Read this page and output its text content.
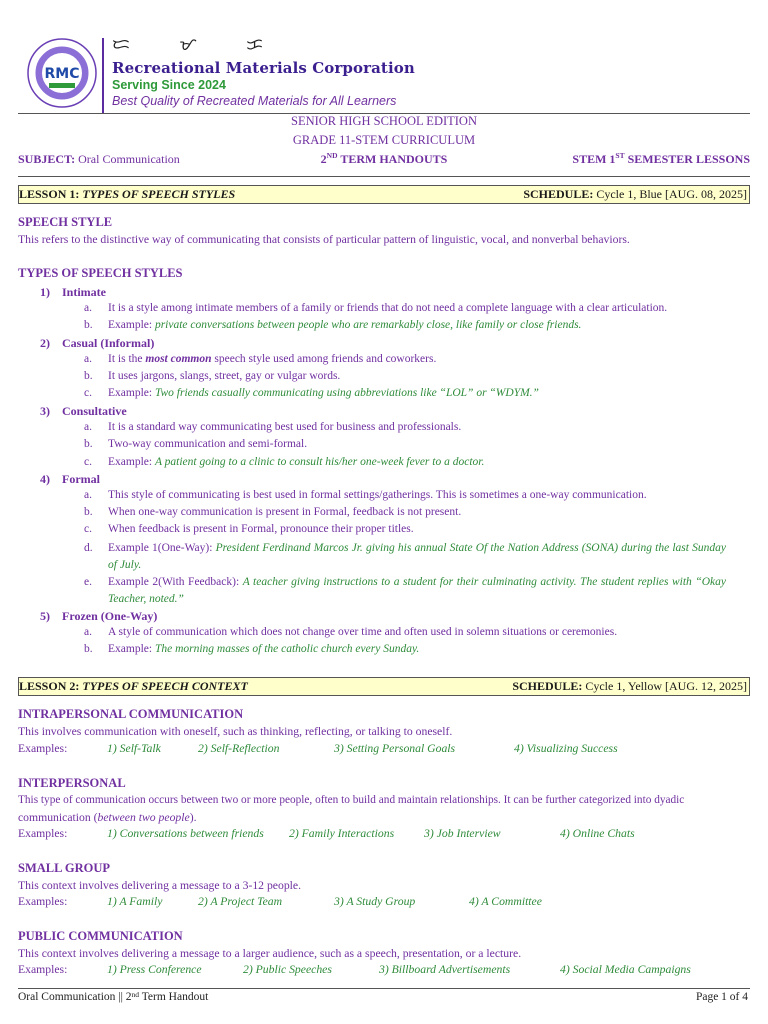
RMC
ᜇ ᜋ ᜃ
Recreational Materials Corporation
Serving Since 2024
Best Quality of Recreated Materials for All Learners
SENIOR HIGH SCHOOL EDITION
GRADE 11-STEM CURRICULUM
SUBJECT: Oral Communication	2ND TERM HANDOUTS	STEM 1ST SEMESTER LESSONS
LESSON 1: TYPES OF SPEECH STYLES	SCHEDULE: Cycle 1, Blue [AUG. 08, 2025]
SPEECH STYLE
This refers to the distinctive way of communicating that consists of particular pattern of linguistic, vocal, and nonverbal behaviors.
TYPES OF SPEECH STYLES
1) Intimate
a. It is a style among intimate members of a family or friends that do not need a complete language with a clear articulation.
b. Example: private conversations between people who are remarkably close, like family or close friends.
2) Casual (Informal)
a. It is the most common speech style used among friends and coworkers.
b. It uses jargons, slangs, street, gay or vulgar words.
c. Example: Two friends casually communicating using abbreviations like “LOL” or “WDYM.”
3) Consultative
a. It is a standard way communicating best used for business and professionals.
b. Two-way communication and semi-formal.
c. Example: A patient going to a clinic to consult his/her one-week fever to a doctor.
4) Formal
a. This style of communicating is best used in formal settings/gatherings. This is sometimes a one-way communication.
b. When one-way communication is present in Formal, feedback is not present.
c. When feedback is present in Formal, pronounce their proper titles.
d.	Example 1(One-Way): President Ferdinand Marcos Jr. giving his annual State Of the Nation Address (SONA) during the last Sunday of July.
e.	Example 2(With Feedback): A teacher giving instructions to a student for their culminating activity. The student replies with “Okay Teacher, noted.”
5) Frozen (One-Way)
a. A style of communication which does not change over time and often used in solemn situations or ceremonies.
b. Example: The morning masses of the catholic church every Sunday.
LESSON 2: TYPES OF SPEECH CONTEXT	SCHEDULE: Cycle 1, Yellow [AUG. 12, 2025]
INTRAPERSONAL COMMUNICATION
This involves communication with oneself, such as thinking, reflecting, or talking to oneself.
Examples:	1) Self-Talk	2) Self-Reflection	3) Setting Personal Goals	4) Visualizing Success
INTERPERSONAL
This type of communication occurs between two or more people, often to build and maintain relationships. It can be further categorized into dyadic
communication (between two people).
Examples:	1) Conversations between friends 2) Family Interactions	3) Job Interview	4) Online Chats
SMALL GROUP
This context involves delivering a message to a 3-12 people.
Examples:	1) A Family	2) A Project Team	3) A Study Group	4) A Committee
PUBLIC COMMUNICATION
This context involves delivering a message to a larger audience, such as a speech, presentation, or a lecture.
Examples:	1) Press Conference	2) Public Speeches	3) Billboard Advertisements	4) Social Media Campaigns
Oral Communication || 2nd Term Handout	Page 1 of 4
